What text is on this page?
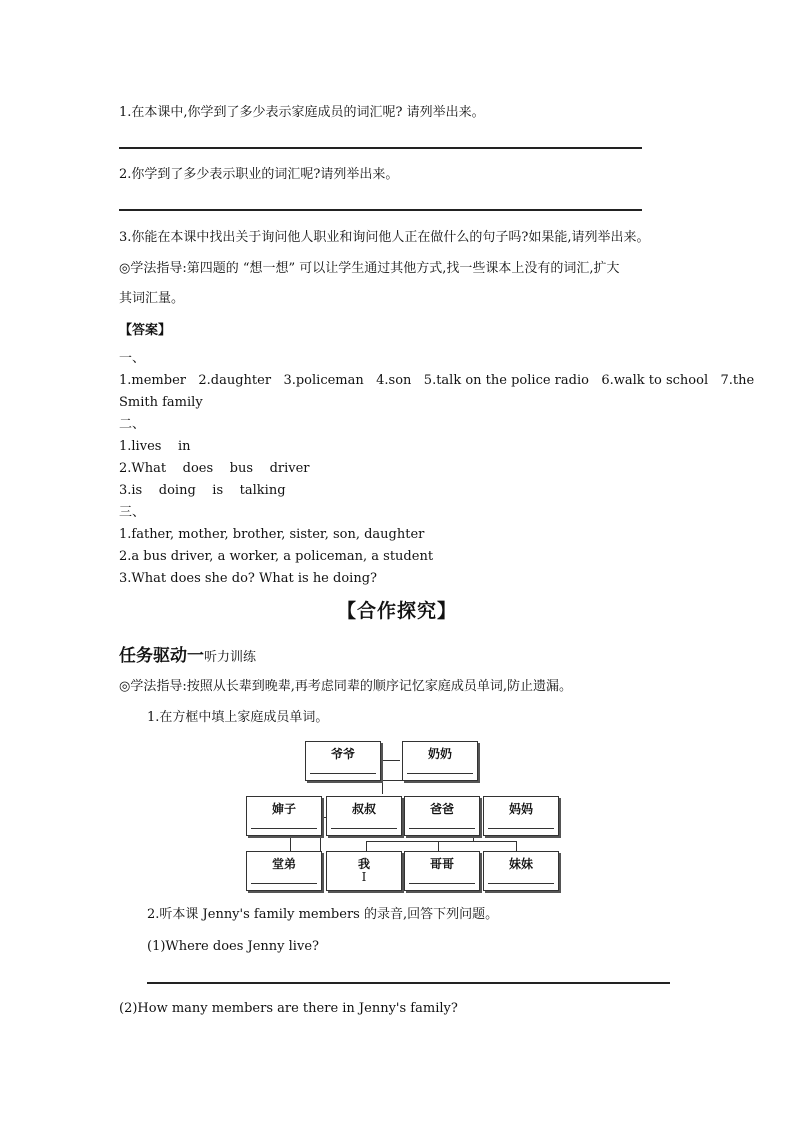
1.在本课中,你学到了多少表示家庭成员的词汇呢? 请列举出来。
2.你学到了多少表示职业的词汇呢?请列举出来。
3.你能在本课中找出关于询问他人职业和询问他人正在做什么的句子吗?如果能,请列举出来。
◎学法指导:第四题的 “想一想” 可以让学生通过其他方式,找一些课本上没有的词汇,扩大
其词汇量。
【答案】
一、
1.member   2.daughter   3.policeman   4.son   5.talk on the police radio   6.walk to school   7.the
Smith family
二、
1.lives    in
2.What    does    bus    driver
3.is    doing    is    talking
三、
1.father, mother, brother, sister, son, daughter
2.a bus driver, a worker, a policeman, a student
3.What does she do? What is he doing?
【合作探究】
任务驱动一听力训练
◎学法指导:按照从长辈到晚辈,再考虑同辈的顺序记忆家庭成员单词,防止遗漏。
1.在方框中填上家庭成员单词。
爷爷	奶奶
婶子	叔叔	爸爸	妈妈
堂弟	我
I
哥哥	妹妹
2.听本课 Jenny's family members 的录音,回答下列问题。
(1)Where does Jenny live?
(2)How many members are there in Jenny's family?
